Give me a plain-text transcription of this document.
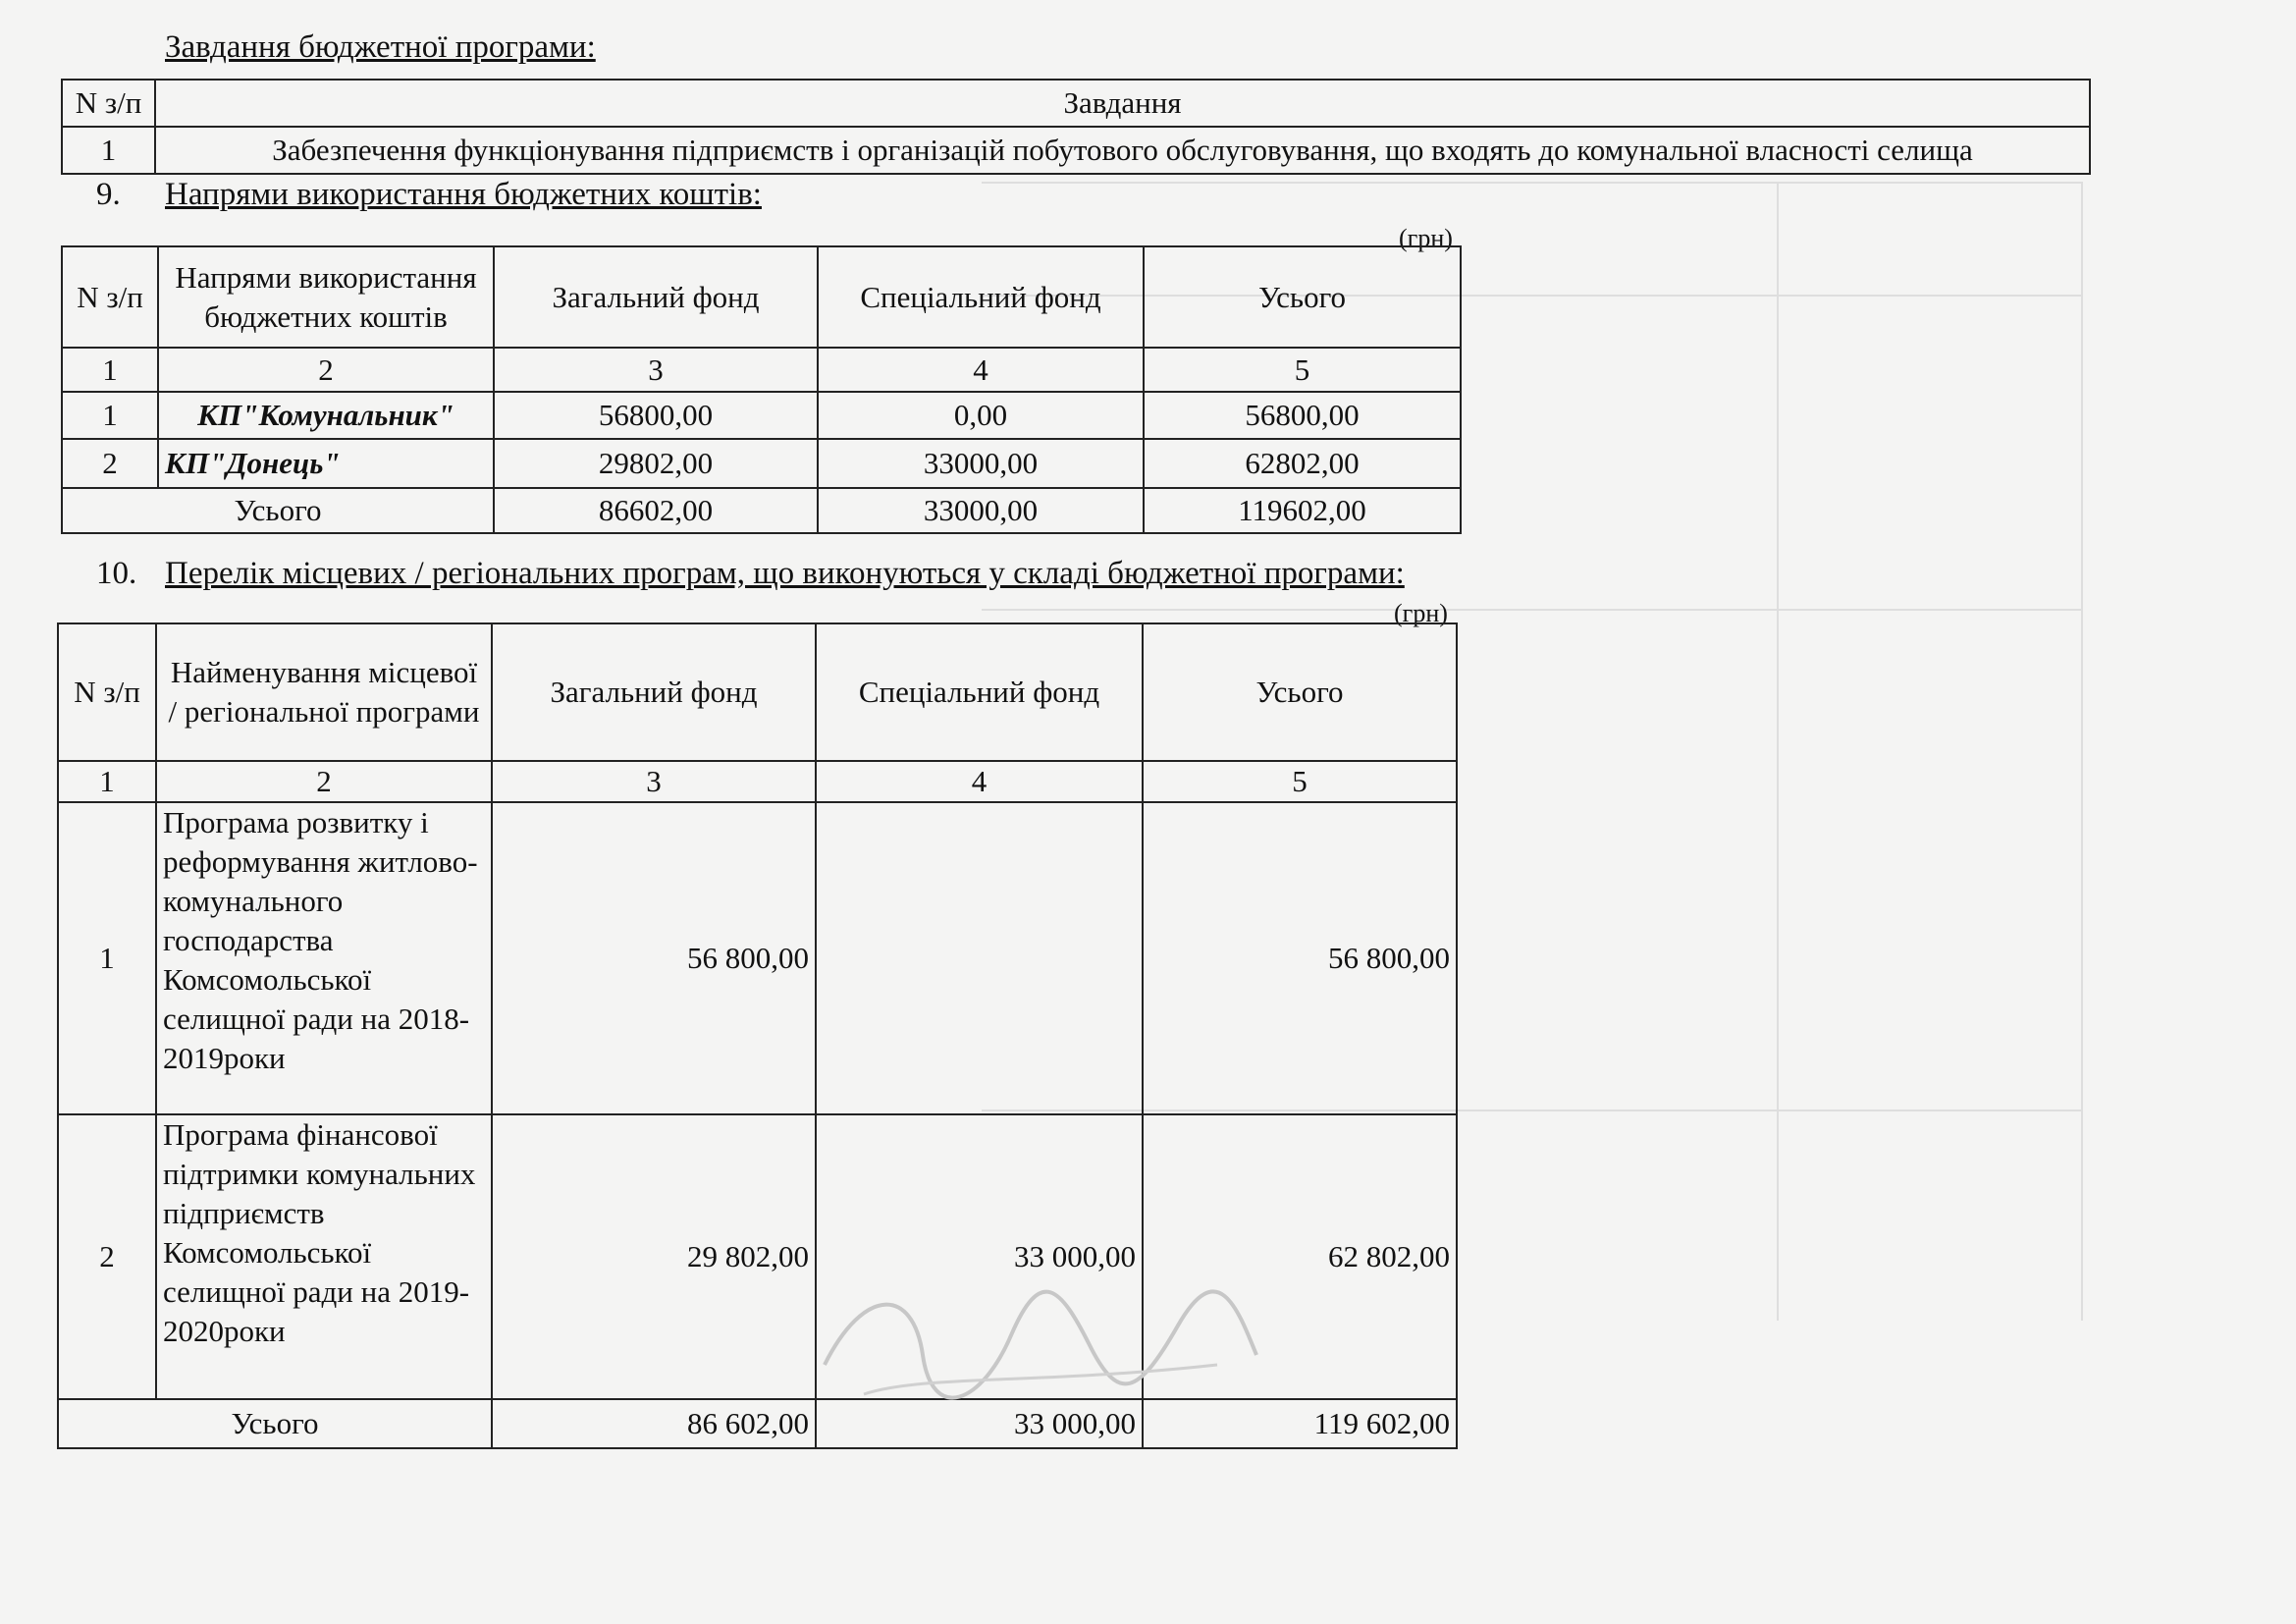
Завдання бюджетної програми:
N з/п	Завдання
1	Забезпечення функціонування підприємств і організацій побутового обслуговування, що входять до комунальної власності селища
9. Напрями використання бюджетних коштів:
(грн)
N з/п	Напрями використання бюджетних коштів	Загальний фонд	Спеціальний фонд	Усього
1	2	3	4	5
1	КП"Комунальник"	56800,00	0,00	56800,00
2	КП"Донець"	29802,00	33000,00	62802,00
Усього		86602,00	33000,00	119602,00
10. Перелік місцевих / регіональних програм, що виконуються у складі бюджетної програми:
(грн)
N з/п	Найменування місцевої / регіональної програми	Загальний фонд	Спеціальний фонд	Усього
1	2	3	4	5
1	Програма розвитку і реформування житлово-комунального господарства Комсомольської селищної ради на 2018-2019роки	56 800,00		56 800,00
2	Програма фінансової підтримки комунальних підприємств Комсомольської селищної ради на 2019-2020роки	29 802,00	33 000,00	62 802,00
Усього		86 602,00	33 000,00	119 602,00
